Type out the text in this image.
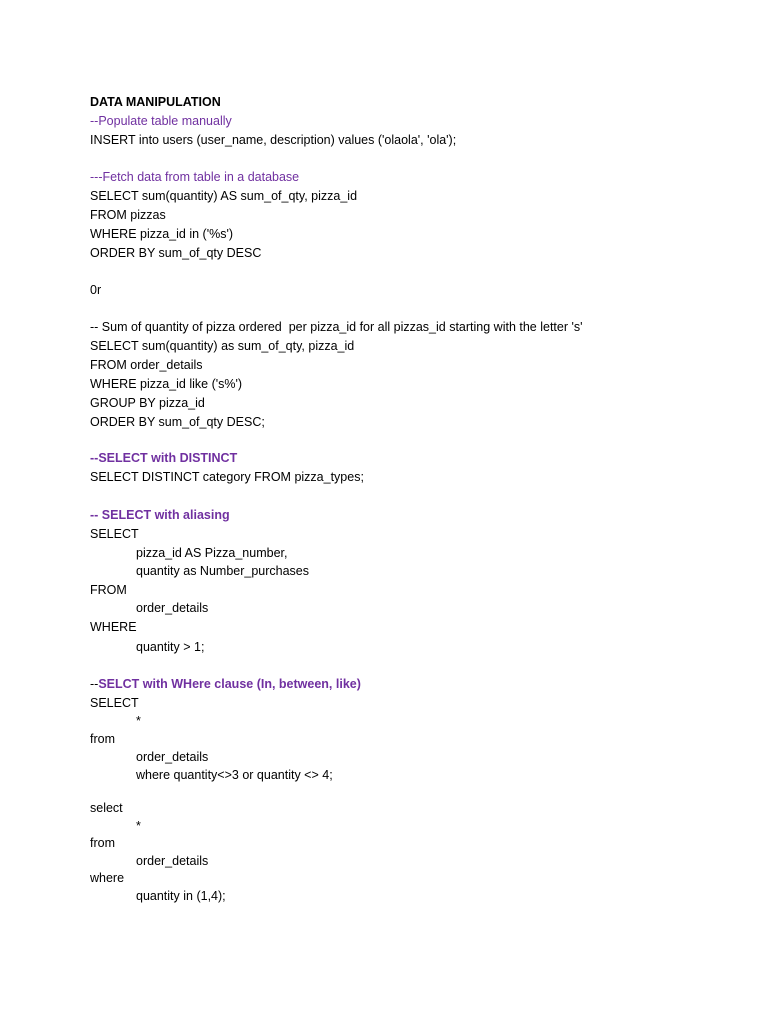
DATA MANIPULATION
--Populate table manually
INSERT into users (user_name, description) values ('olaola', 'ola');
---Fetch data from table in a database
SELECT sum(quantity) AS sum_of_qty, pizza_id
FROM pizzas
WHERE pizza_id in ('%s')
ORDER BY sum_of_qty DESC
0r
-- Sum of quantity of pizza ordered  per pizza_id for all pizzas_id starting with the letter 's'
SELECT sum(quantity) as sum_of_qty, pizza_id
FROM order_details
WHERE pizza_id like ('s%')
GROUP BY pizza_id
ORDER BY sum_of_qty DESC;
--SELECT with DISTINCT
SELECT DISTINCT category FROM pizza_types;
-- SELECT with aliasing
SELECT
pizza_id AS Pizza_number,
quantity as Number_purchases
FROM
order_details
WHERE
quantity > 1;
--SELCT with WHere clause (In, between, like)
SELECT
*
from
order_details
where quantity<>3 or quantity <> 4;
select
*
from
order_details
where
quantity in (1,4);
